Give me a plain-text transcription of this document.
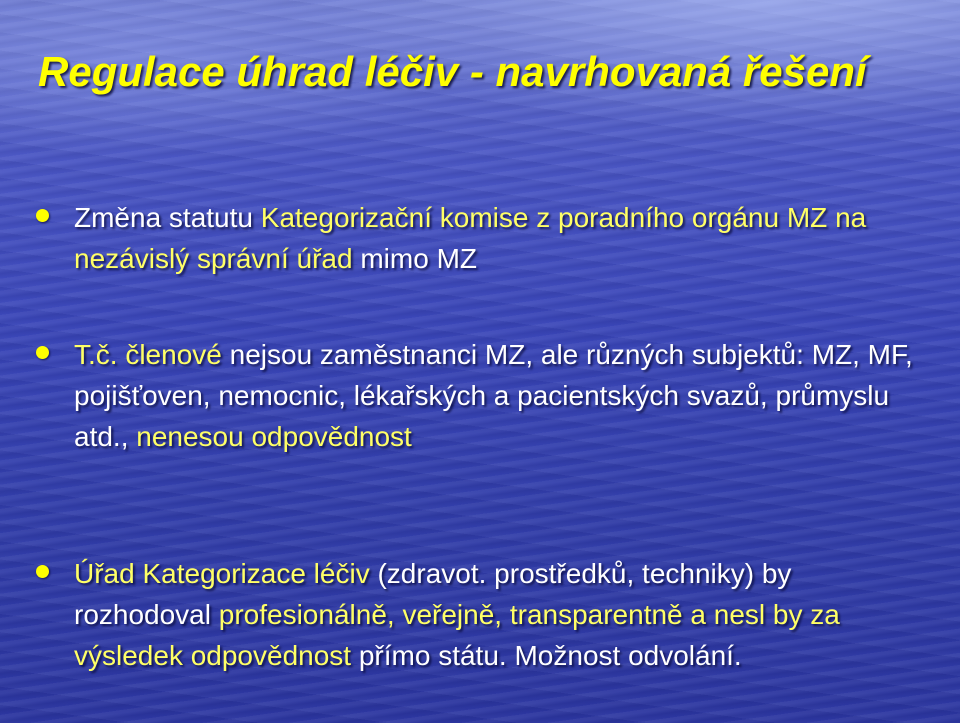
Regulace úhrad léčiv - navrhovaná řešení
Změna statutu Kategorizační komise z poradního orgánu MZ na nezávislý správní úřad mimo MZ
T.č. členové nejsou zaměstnanci MZ, ale různých subjektů: MZ, MF, pojišťoven, nemocnic, lékařských a pacientských svazů, průmyslu atd., nenesou odpovědnost
Úřad Kategorizace léčiv (zdravot. prostředků, techniky) by rozhodoval profesionálně, veřejně, transparentně a nesl by za výsledek odpovědnost přímo státu. Možnost odvolání.
